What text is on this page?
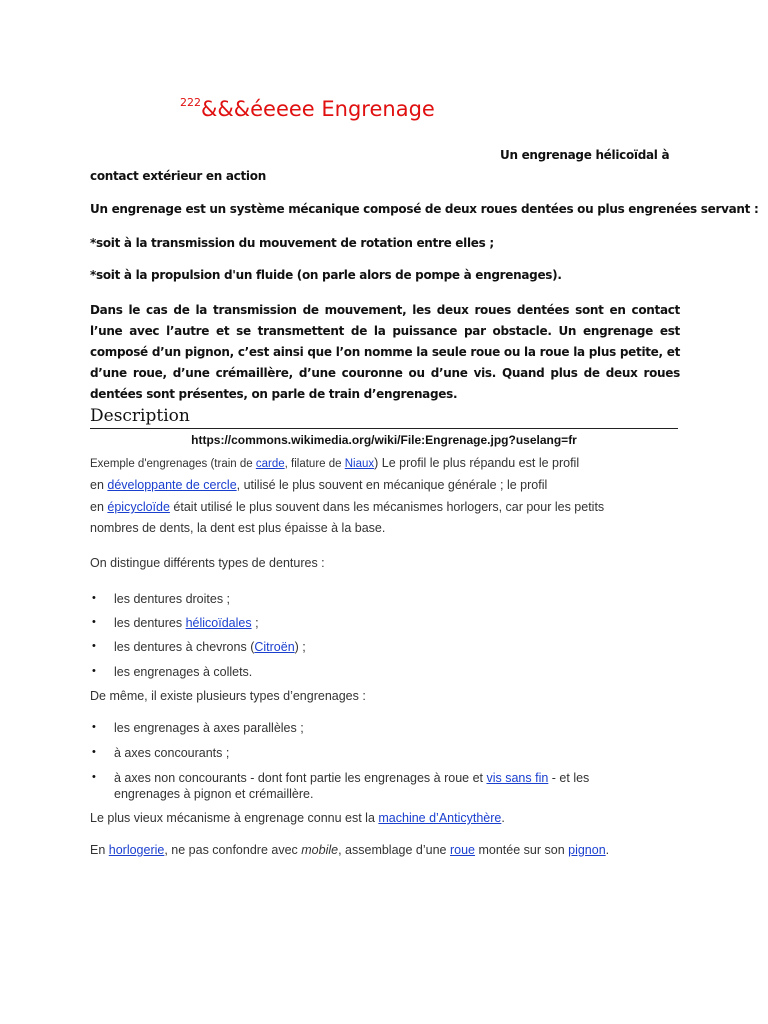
$^{222}$&&&éeeee Engrenage
Un engrenage hélicoïdal à
contact extérieur en action
Un engrenage est un système mécanique composé de deux roues dentées ou plus engrenées servant :
*soit à la transmission du mouvement de rotation entre elles ;
*soit à la propulsion d'un fluide (on parle alors de pompe à engrenages).
Dans le cas de la transmission de mouvement, les deux roues dentées sont en contact l’une avec l’autre et se transmettent de la puissance par obstacle. Un engrenage est composé d’un pignon, c’est ainsi que l’on nomme la seule roue ou la roue la plus petite, et d’une roue, d’une crémaillère, d’une couronne ou d’une vis. Quand plus de deux roues dentées sont présentes, on parle de train d’engrenages.
Description
https://commons.wikimedia.org/wiki/File:Engrenage.jpg?uselang=fr
Exemple d'engrenages (train de carde, filature de Niaux) Le profil le plus répandu est le profil
en développante de cercle, utilisé le plus souvent en mécanique générale ; le profil
en épicycloïde était utilisé le plus souvent dans les mécanismes horlogers, car pour les petits
nombres de dents, la dent est plus épaisse à la base.
On distingue différents types de dentures :
• les dentures droites ;
• les dentures hélicoïdales ;
• les dentures à chevrons (Citroën) ;
• les engrenages à collets.
De même, il existe plusieurs types d’engrenages :
• les engrenages à axes parallèles ;
• à axes concourants ;
• à axes non concourants - dont font partie les engrenages à roue et vis sans fin - et les
engrenages à pignon et crémaillère.
Le plus vieux mécanisme à engrenage connu est la machine d’Anticythère.
En horlogerie, ne pas confondre avec mobile, assemblage d’une roue montée sur son pignon.
